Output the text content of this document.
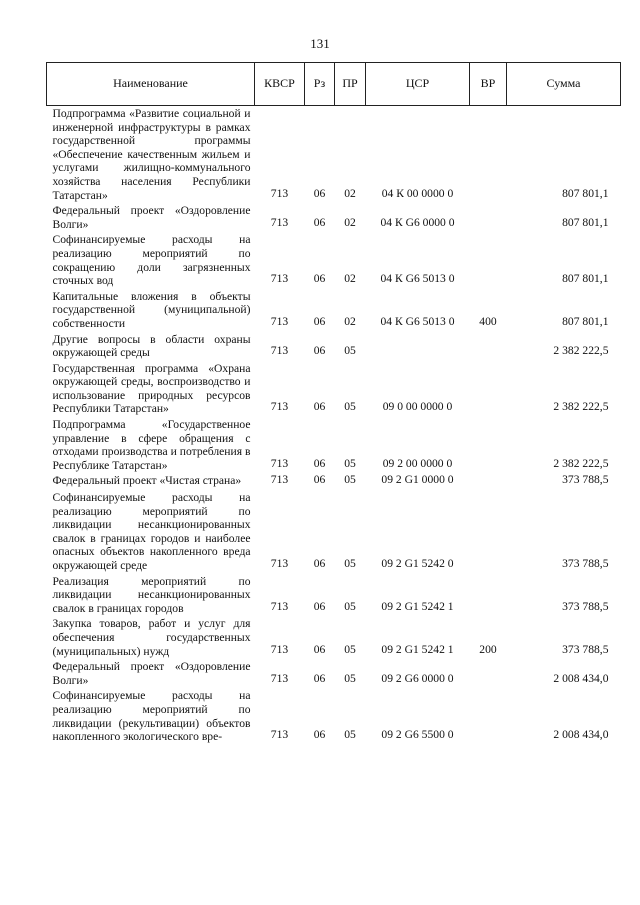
131
Наименование	КВСР	Рз	ПР	ЦСР	ВР	Сумма
Подпрограмма «Развитие социальной и инженерной инфраструктуры в рамках государственной программы «Обеспечение качественным жильем и услугами жилищно-коммунального хозяйства населения Республики Татарстан»	713	06	02	04 К 00 0000 0		807 801,1
Федеральный проект «Оздоровление Волги»	713	06	02	04 К G6 0000 0		807 801,1
Софинансируемые расходы на реализацию мероприятий по сокращению доли загрязненных сточных вод	713	06	02	04 К G6 5013 0		807 801,1
Капитальные вложения в объекты государственной (муниципальной) собственности	713	06	02	04 К G6 5013 0	400	807 801,1
Другие вопросы в области охраны окружающей среды	713	06	05			2 382 222,5
Государственная программа «Охрана окружающей среды, воспроизводство и использование природных ресурсов Республики Татарстан»	713	06	05	09 0 00 0000 0		2 382 222,5
Подпрограмма «Государственное управление в сфере обращения с отходами производства и потребления в Республике Татарстан»	713	06	05	09 2 00 0000 0		2 382 222,5
Федеральный проект «Чистая страна»	713	06	05	09 2 G1 0000 0		373 788,5
Софинансируемые расходы на реализацию мероприятий по ликвидации несанкционированных свалок в границах городов и наиболее опасных объектов накопленного вреда окружающей среде	713	06	05	09 2 G1 5242 0		373 788,5
Реализация мероприятий по ликвидации несанкционированных свалок в границах городов	713	06	05	09 2 G1 5242 1		373 788,5
Закупка товаров, работ и услуг для обеспечения государственных (муниципальных) нужд	713	06	05	09 2 G1 5242 1	200	373 788,5
Федеральный проект «Оздоровление Волги»	713	06	05	09 2 G6 0000 0		2 008 434,0
Софинансируемые расходы на реализацию мероприятий по ликвидации (рекультивации) объектов накопленного экологического вре-	713	06	05	09 2 G6 5500 0		2 008 434,0
